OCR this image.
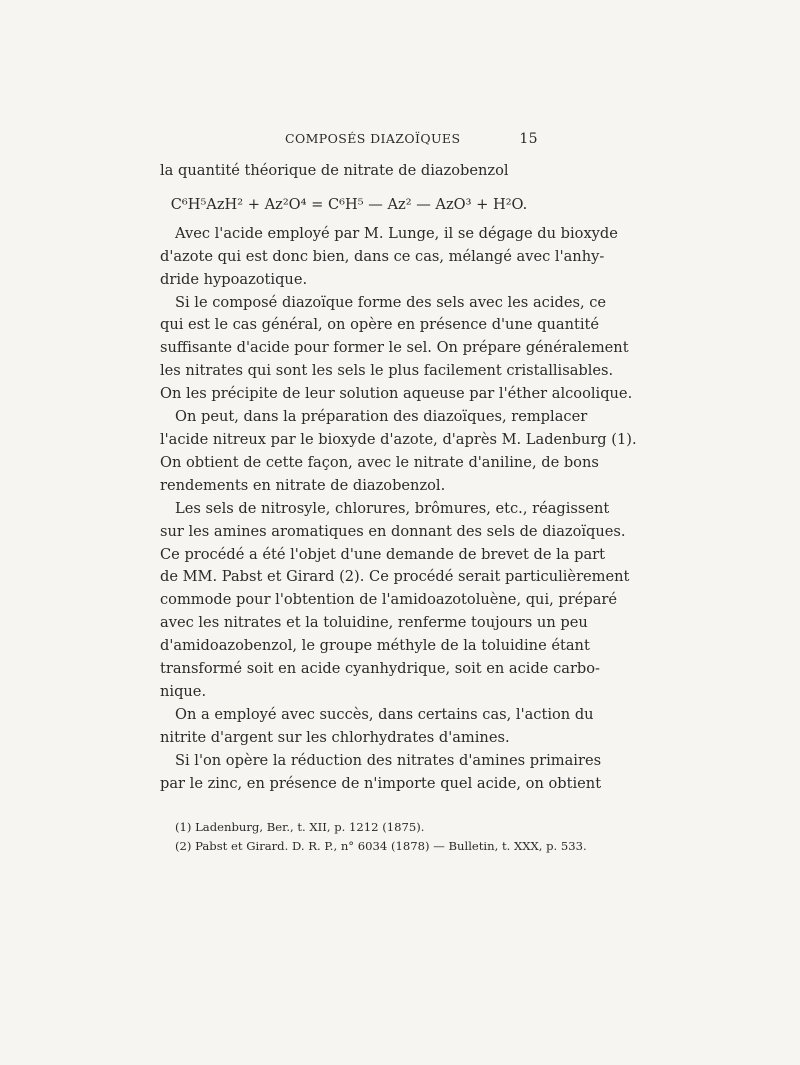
COMPOSÉS DIAZOÏQUES	15
la quantité théorique de nitrate de diazobenzol
C⁶H⁵AzH² + Az²O⁴ = C⁶H⁵ — Az² — AzO³ + H²O.
Avec l'acide employé par M. Lunge, il se dégage du bioxyde
d'azote qui est donc bien, dans ce cas, mélangé avec l'anhy-
dride hypoazotique.
Si le composé diazoïque forme des sels avec les acides, ce
qui est le cas général, on opère en présence d'une quantité
suffisante d'acide pour former le sel. On prépare généralement
les nitrates qui sont les sels le plus facilement cristallisables.
On les précipite de leur solution aqueuse par l'éther alcoolique.
On peut, dans la préparation des diazoïques, remplacer
l'acide nitreux par le bioxyde d'azote, d'après M. Ladenburg (1).
On obtient de cette façon, avec le nitrate d'aniline, de bons
rendements en nitrate de diazobenzol.
Les sels de nitrosyle, chlorures, brômures, etc., réagissent
sur les amines aromatiques en donnant des sels de diazoïques.
Ce procédé a été l'objet d'une demande de brevet de la part
de MM. Pabst et Girard (2). Ce procédé serait particulièrement
commode pour l'obtention de l'amidoazotoluène, qui, préparé
avec les nitrates et la toluidine, renferme toujours un peu
d'amidoazobenzol, le groupe méthyle de la toluidine étant
transformé soit en acide cyanhydrique, soit en acide carbo-
nique.
On a employé avec succès, dans certains cas, l'action du
nitrite d'argent sur les chlorhydrates d'amines.
Si l'on opère la réduction des nitrates d'amines primaires
par le zinc, en présence de n'importe quel acide, on obtient
(1) Ladenburg, Ber., t. XII, p. 1212 (1875).
(2) Pabst et Girard. D. R. P., n° 6034 (1878) — Bulletin, t. XXX, p. 533.
